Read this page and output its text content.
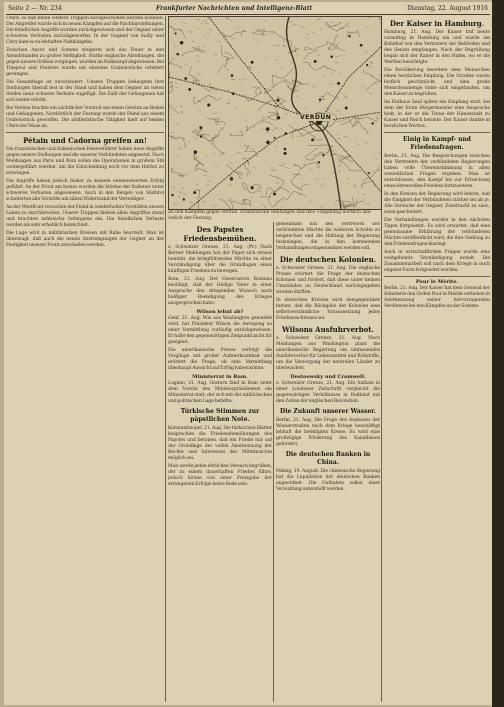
Seite 2 — Nr. 234	Frankfurter Nachrichten und Intelligenz-Blatt	Dienstag, 22. August 1916

Ufern, so daß Ihnen weitere Truppen nachgeschoben werden konnten. Der Angreifer wurde sich in neuen Kämpfen auf die Nachbarstellungen. Die feindlichen Angriffe wurden zurückgewiesen und der Gegner unter schweren Verlusten zurückgeworfen. In der Gegend von Sailly und Clery kam es zu lebhaften Nahkämpfen.

Zwischen Ancre und Somme steigerte sich das Feuer in den Abendstunden zu großer Heftigkeit. Starke englische Abteilungen, die gegen unsere Gräben vorgingen, wurden im Nahkampf abgewiesen. Bei Thiepval und Pozières wurde um einzelne Grabenstücke erbittert gerungen.

Die Gesamtlage ist unverändert. Unsere Truppen behaupten ihre Stellungen überall fest in der Hand und haben dem Gegner an vielen Stellen neue schwere Verluste zugefügt. Die Zahl der Gefangenen hat sich weiter erhöht.

Bei Verdun brachte ein nächtlicher Vorstoß uns einen Gewinn an Boden und Gefangenen. Nordöstlich der Festung wurde der Feind aus einem Grabenstück geworfen. Die artilleristische Tätigkeit hielt auf beiden Ufern der Maas an.

Pétain und Cadorna greifen an!

Die französischen und italienischen Heeresführer haben neue Angriffe gegen unsere Stellungen und die unserer Verbündeten angesetzt. Nach Meldungen aus Paris und Rom sollen die Operationen in großem Stil weitergeführt werden, um die Entscheidung noch vor dem Herbst zu erzwingen.

Die Angriffe haben jedoch bisher zu keinem nennenswerten Erfolg geführt. An der Front am Isonzo wurden die Stürme der Italiener unter schweren Verlusten abgewiesen. Auch in den Bergen von Südtirol scheiterten alle Vorstöße am zähen Widerstand der Verteidiger.

An der Westfront versuchte der Feind in wiederholten Vorstößen unsere Linien zu durchbrechen. Unsere Truppen hielten allen Angriffen stand und brachten zahlreiche Gefangene ein. Die feindlichen Verluste werden als sehr erheblich bezeichnet.

Die Lage wird in militärischen Kreisen mit Ruhe beurteilt. Man ist überzeugt, daß auch die neuen Anstrengungen der Gegner an der Festigkeit unserer Front zerschellen werden.

VERDUN
Zu den Kämpfen gegen Verdun. Französische Stellungen und ihre Umgebung nördlich und östlich der Festung.
Des Papstes Friedensbemühen.

z. Schweizer Grenze, 21. Aug. (Pr.) Nach Berner Meldungen hat der Papst sich erneut bemüht, die kriegführenden Mächte zu einer Verständigung über die Grundlagen eines künftigen Friedens zu bewegen.

Rom, 21. Aug. Der Osservatore Romano bestätigt, daß der Heilige Vater in einer Ansprache den dringenden Wunsch nach baldiger Beendigung des Krieges ausgesprochen habe.

Wilson lehnt ab?

Genf, 21. Aug. Wie aus Washington gemeldet wird, hat Präsident Wilson die Anregung zu einer Vermittlung vorläufig zurückgewiesen. Er halte den gegenwärtigen Zeitpunkt nicht für geeignet.

Die amerikanische Presse verfolgt die Vorgänge mit großer Aufmerksamkeit und erörtert die Frage, ob eine Vermittlung überhaupt Aussicht auf Erfolg haben könne.

Ministerrat in Rom.

Lugano, 21. Aug. Gestern fand in Rom unter dem Vorsitz des Ministerpräsidenten ein Ministerrat statt, der sich mit der militärischen und politischen Lage befaßte.

Türkische Stimmen zur päpstlichen Note.

Konstantinopel, 21. Aug. Die türkischen Blätter besprechen die Friedensbemühungen des Papstes und betonen, daß ein Friede nur auf der Grundlage der vollen Anerkennung der Rechte und Interessen der Mittelmächte möglich sei.

Man werde jeden ehrlichen Versuch begrüßen, der zu einem dauerhaften Frieden führe, jedoch könne von einer Preisgabe der errungenen Erfolge keine Rede sein.

gemeinsam mit den Vertretern der verbündeten Mächte die weiteren Schritte zu besprechen und die Haltung der Regierung festzulegen, die in den kommenden Verhandlungen eingenommen werden soll.

Die deutschen Kolonien.

z. Schweizer Grenze, 21. Aug. Die englische Presse erörtert die Frage der deutschen Kolonien und fordert, daß diese unter keinen Umständen an Deutschland zurückgegeben werden dürften.

In deutschen Kreisen wird demgegenüber betont, daß die Rückgabe der Kolonien eine selbstverständliche Voraussetzung jedes Friedensschlusses sei.

Wilsons Ausfuhrverbot.

z. Schweizer Grenze, 21. Aug. Nach Meldungen aus Washington plant die amerikanische Regierung ein umfassendes Ausfuhrverbot für Lebensmittel und Rohstoffe, um die Versorgung der neutralen Länder zu überwachen.

Dostoewsky und Cromwell.

z. Schweizer Grenze, 21. Aug. Ein Aufsatz in einer Londoner Zeitschrift vergleicht die gegenwärtigen Verhältnisse in Rußland mit den Zeiten der englischen Revolution.

Die Zukunft unserer Wasser.

Berlin, 21. Aug. Die Frage des Ausbaues der Wasserstraßen nach dem Kriege beschäftigt lebhaft die beteiligten Kreise. Es wird eine großzügige Förderung des Kanalbaues gefordert.

Die deutschen Banken in China.

Peking, 19. August. Die chinesische Regierung hat die Liquidation der deutschen Banken angeordnet. Die Guthaben sollen einer Verwaltung unterstellt werden.

Der Kaiser in Hamburg.

Hamburg, 21. Aug. Der Kaiser traf heute vormittag in Hamburg ein und wurde am Bahnhof von den Vertretern der Behörden und des Senats empfangen. Nach der Begrüßung begab sich der Kaiser in den Hafen, wo er die Werften besichtigte.

Die Bevölkerung bereitete dem Monarchen einen herzlichen Empfang. Die Straßen waren festlich geschmückt, und eine große Menschenmenge hatte sich eingefunden, um den Kaiser zu begrüßen.

Im Rathaus fand später ein Empfang statt, bei dem der Erste Bürgermeister eine Ansprache hielt, in der er die Treue der Hansestadt zu Kaiser und Reich betonte. Der Kaiser dankte in herzlichen Worten.

Einig in Kampf- und Friedensfragen.

Berlin, 21. Aug. Die Besprechungen zwischen den Vertretern der verbündeten Regierungen haben volle Übereinstimmung in allen wesentlichen Fragen ergeben. Man ist entschlossen, den Kampf bis zur Erreichung eines ehrenvollen Friedens fortzusetzen.

In den Kreisen der Regierung wird betont, daß die Einigkeit der Verbündeten stärker sei als je. Alle Versuche der Gegner, Zwietracht zu säen, seien gescheitert.

Die Verhandlungen werden in den nächsten Tagen fortgesetzt. Es wird erwartet, daß eine gemeinsame Erklärung der verbündeten Mächte veröffentlicht wird, die ihre Stellung zu den Friedensfragen klarlegt.

Auch in wirtschaftlichen Fragen wurde eine weitgehende Verständigung erzielt. Die Zusammenarbeit soll nach dem Kriege in noch engerer Form fortgesetzt werden.

Pour le Mérite.

Berlin, 21. Aug. Der Kaiser hat dem General der Infanterie den Orden Pour le Mérite verliehen in Anerkennung seiner hervorragenden Verdienste bei den Kämpfen an der Somme.
